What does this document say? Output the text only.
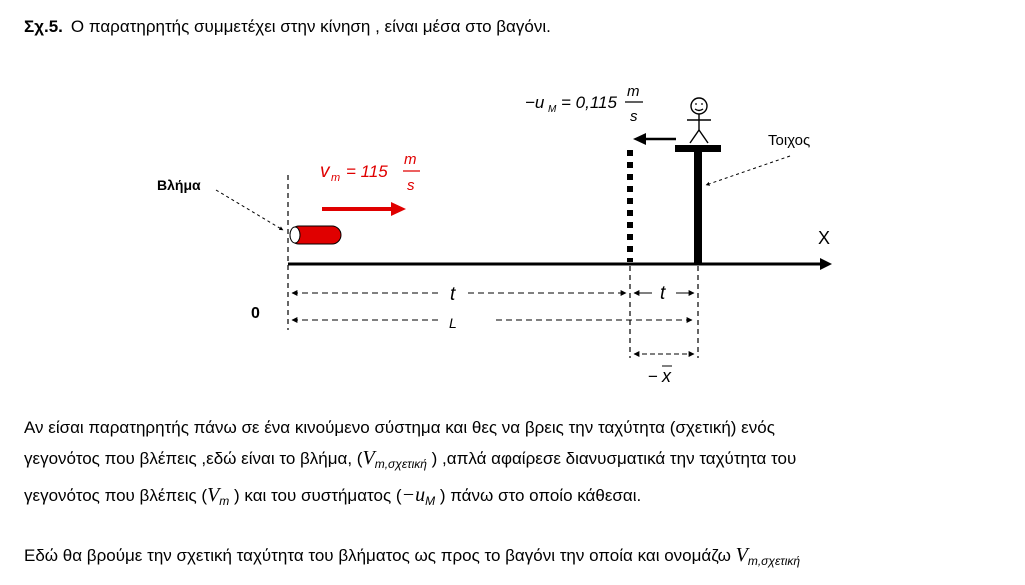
Σχ.5. Ο παρατηρητής συμμετέχει στην κίνηση , είναι μέσα στο βαγόνι.
X
0
Βλήμα
v m = 115
m
s
−u M = 0,115
m
s
Τοιχος
t	t
L
− x
Αν είσαι παρατηρητής πάνω σε ένα κινούμενο σύστημα και θες να βρεις την ταχύτητα (σχετική) ενός
γεγονότος που βλέπεις ,εδώ είναι το βλήμα, ($V_{m,\sigma\chi\varepsilon\tau\iota\kappa ή}$ ) ,απλά αφαίρεσε διανυσματικά την ταχύτητα του
γεγονότος που βλέπεις ($V_m$ ) και του συστήματος ($-u_M$ ) πάνω στο οποίο κάθεσαι.
Εδώ θα βρούμε την σχετική ταχύτητα του βλήματος ως προς το βαγόνι την οποία και ονομάζω $V_{m,\sigma\chi\varepsilon\tau\iota\kappa ή}$
